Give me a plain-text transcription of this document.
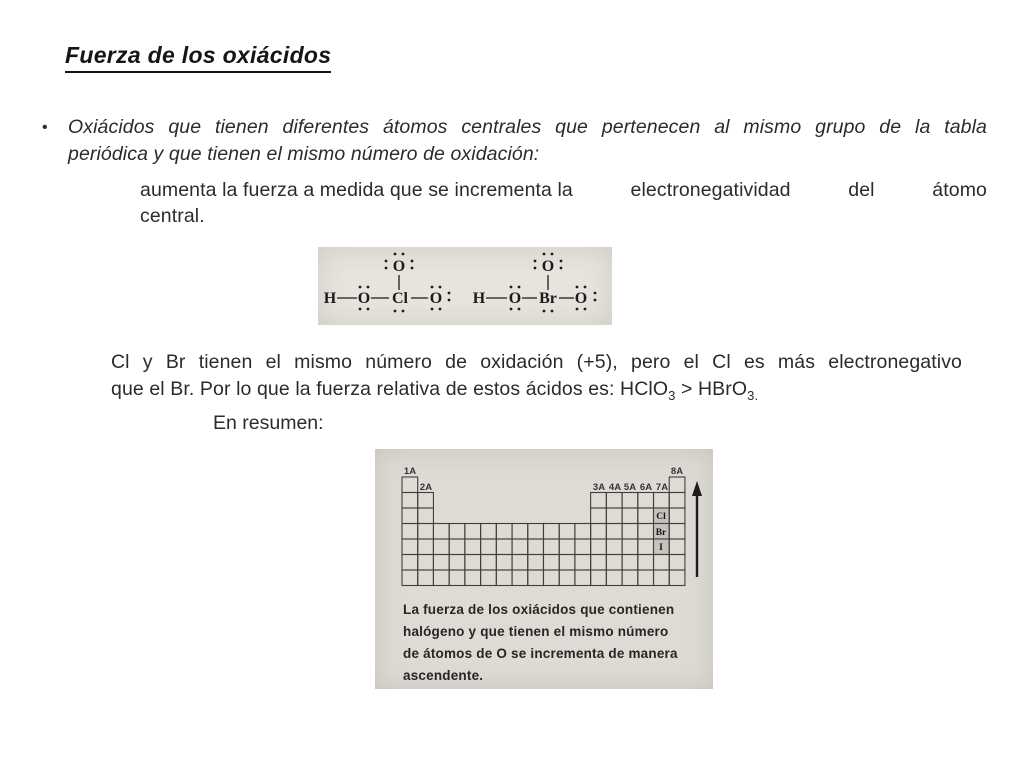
Fuerza de los oxiácidos
•	Oxiácidos que tienen diferentes átomos centrales que pertenecen al mismo grupo de la tabla
periódica y que tienen el mismo número de oxidación:
aumenta la fuerza a medida que se incrementa la	electronegatividad	del	átomo
central.
H O Cl O
O
H O Br O
O
Cl y Br tienen el mismo número de oxidación (+5), pero el Cl es más electronegativo
que el Br. Por lo que la fuerza relativa de estos ácidos es: HClO$_3$ > HBrO$_{3.}$
En resumen:
1A
2A	3A 4A 5A 6A 7A
8A
Cl
Br
I
La fuerza de los oxiácidos que contienen
halógeno y que tienen el mismo número
de átomos de O se incrementa de manera
ascendente.
